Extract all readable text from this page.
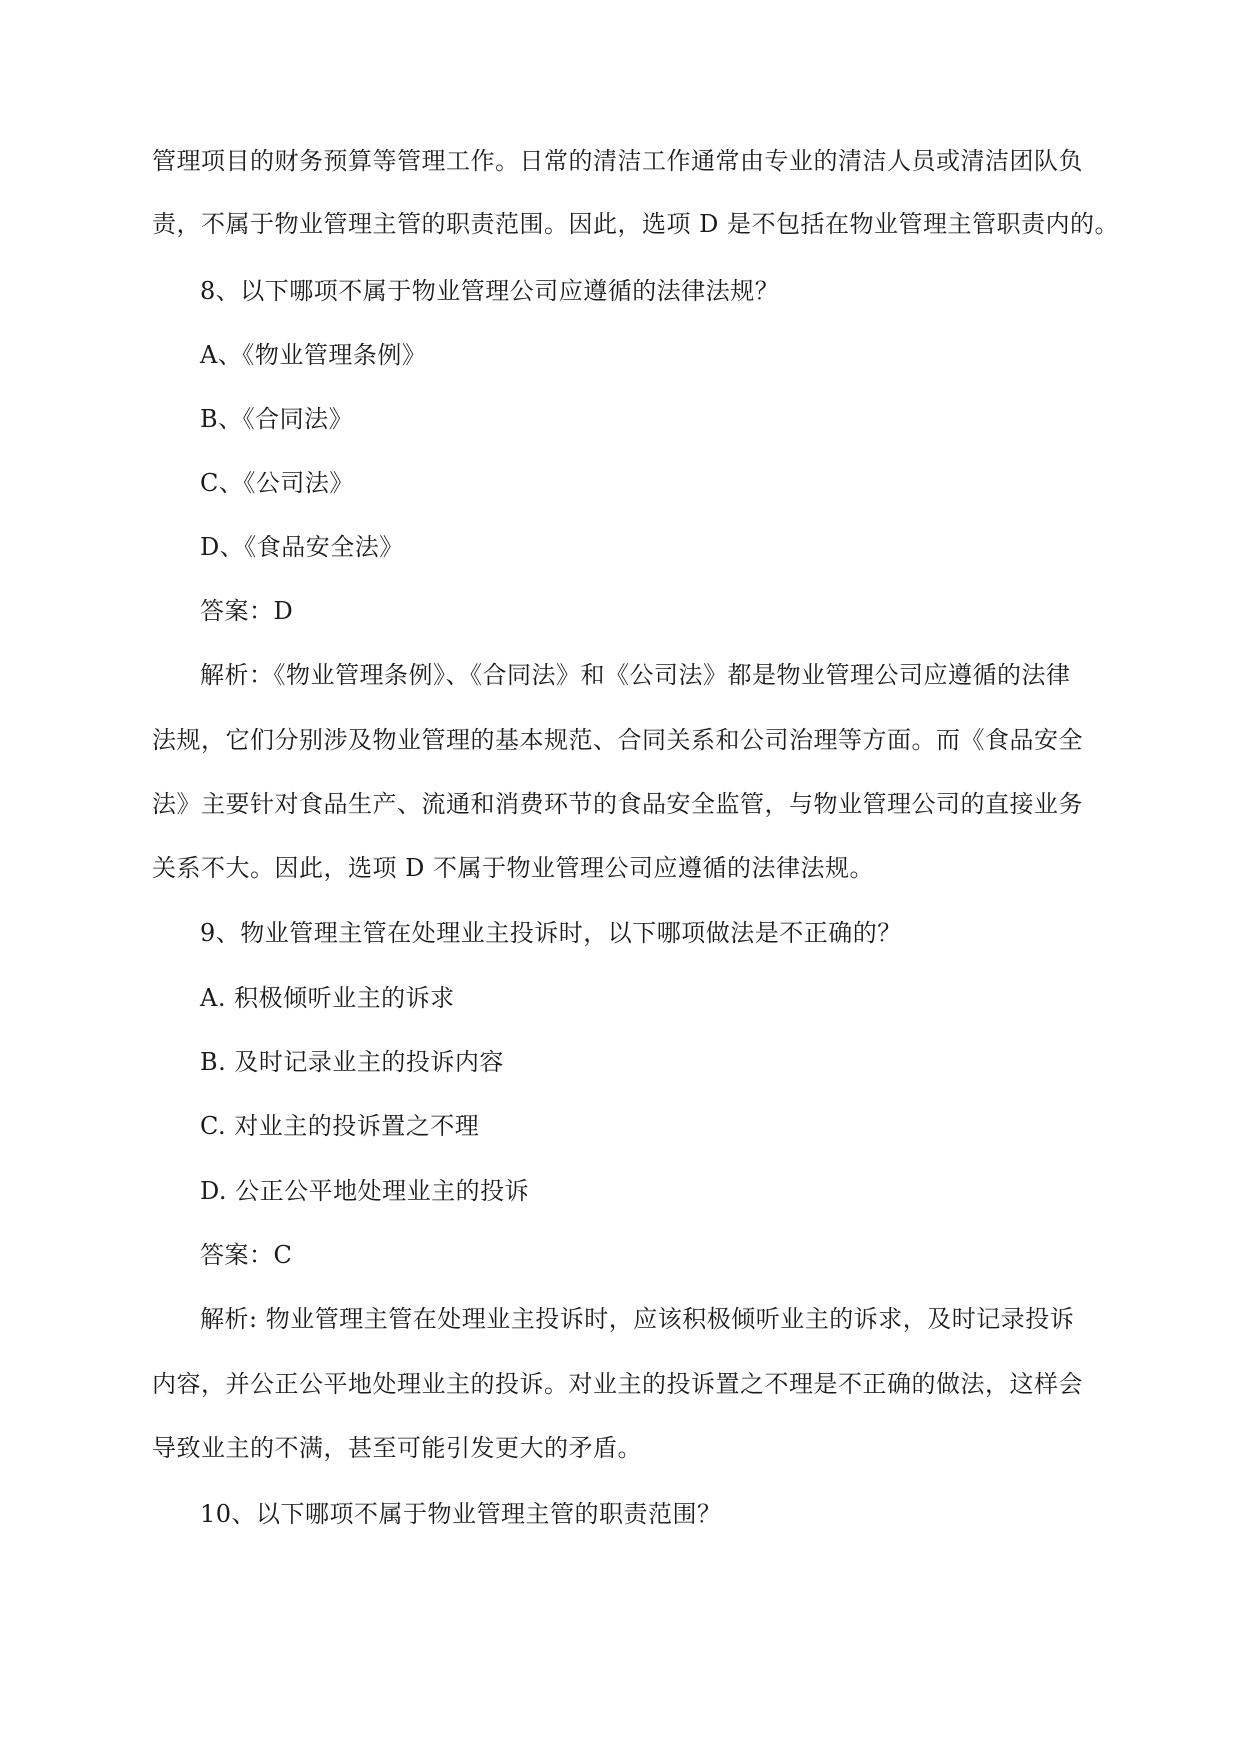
管理项目的财务预算等管理工作。日常的清洁工作通常由专业的清洁人员或清洁团队负
责，不属于物业管理主管的职责范围。因此，选项 D 是不包括在物业管理主管职责内的。
8、以下哪项不属于物业管理公司应遵循的法律法规？
A、《物业管理条例》
B、《合同法》
C、《公司法》
D、《食品安全法》
答案：D
解析：《物业管理条例》、《合同法》和《公司法》都是物业管理公司应遵循的法律
法规，它们分别涉及物业管理的基本规范、合同关系和公司治理等方面。而《食品安全
法》主要针对食品生产、流通和消费环节的食品安全监管，与物业管理公司的直接业务
关系不大。因此，选项 D 不属于物业管理公司应遵循的法律法规。
9、物业管理主管在处理业主投诉时，以下哪项做法是不正确的？
A. 积极倾听业主的诉求
B. 及时记录业主的投诉内容
C. 对业主的投诉置之不理
D. 公正公平地处理业主的投诉
答案：C
解析: 物业管理主管在处理业主投诉时，应该积极倾听业主的诉求，及时记录投诉
内容，并公正公平地处理业主的投诉。对业主的投诉置之不理是不正确的做法，这样会
导致业主的不满，甚至可能引发更大的矛盾。
10、以下哪项不属于物业管理主管的职责范围？
